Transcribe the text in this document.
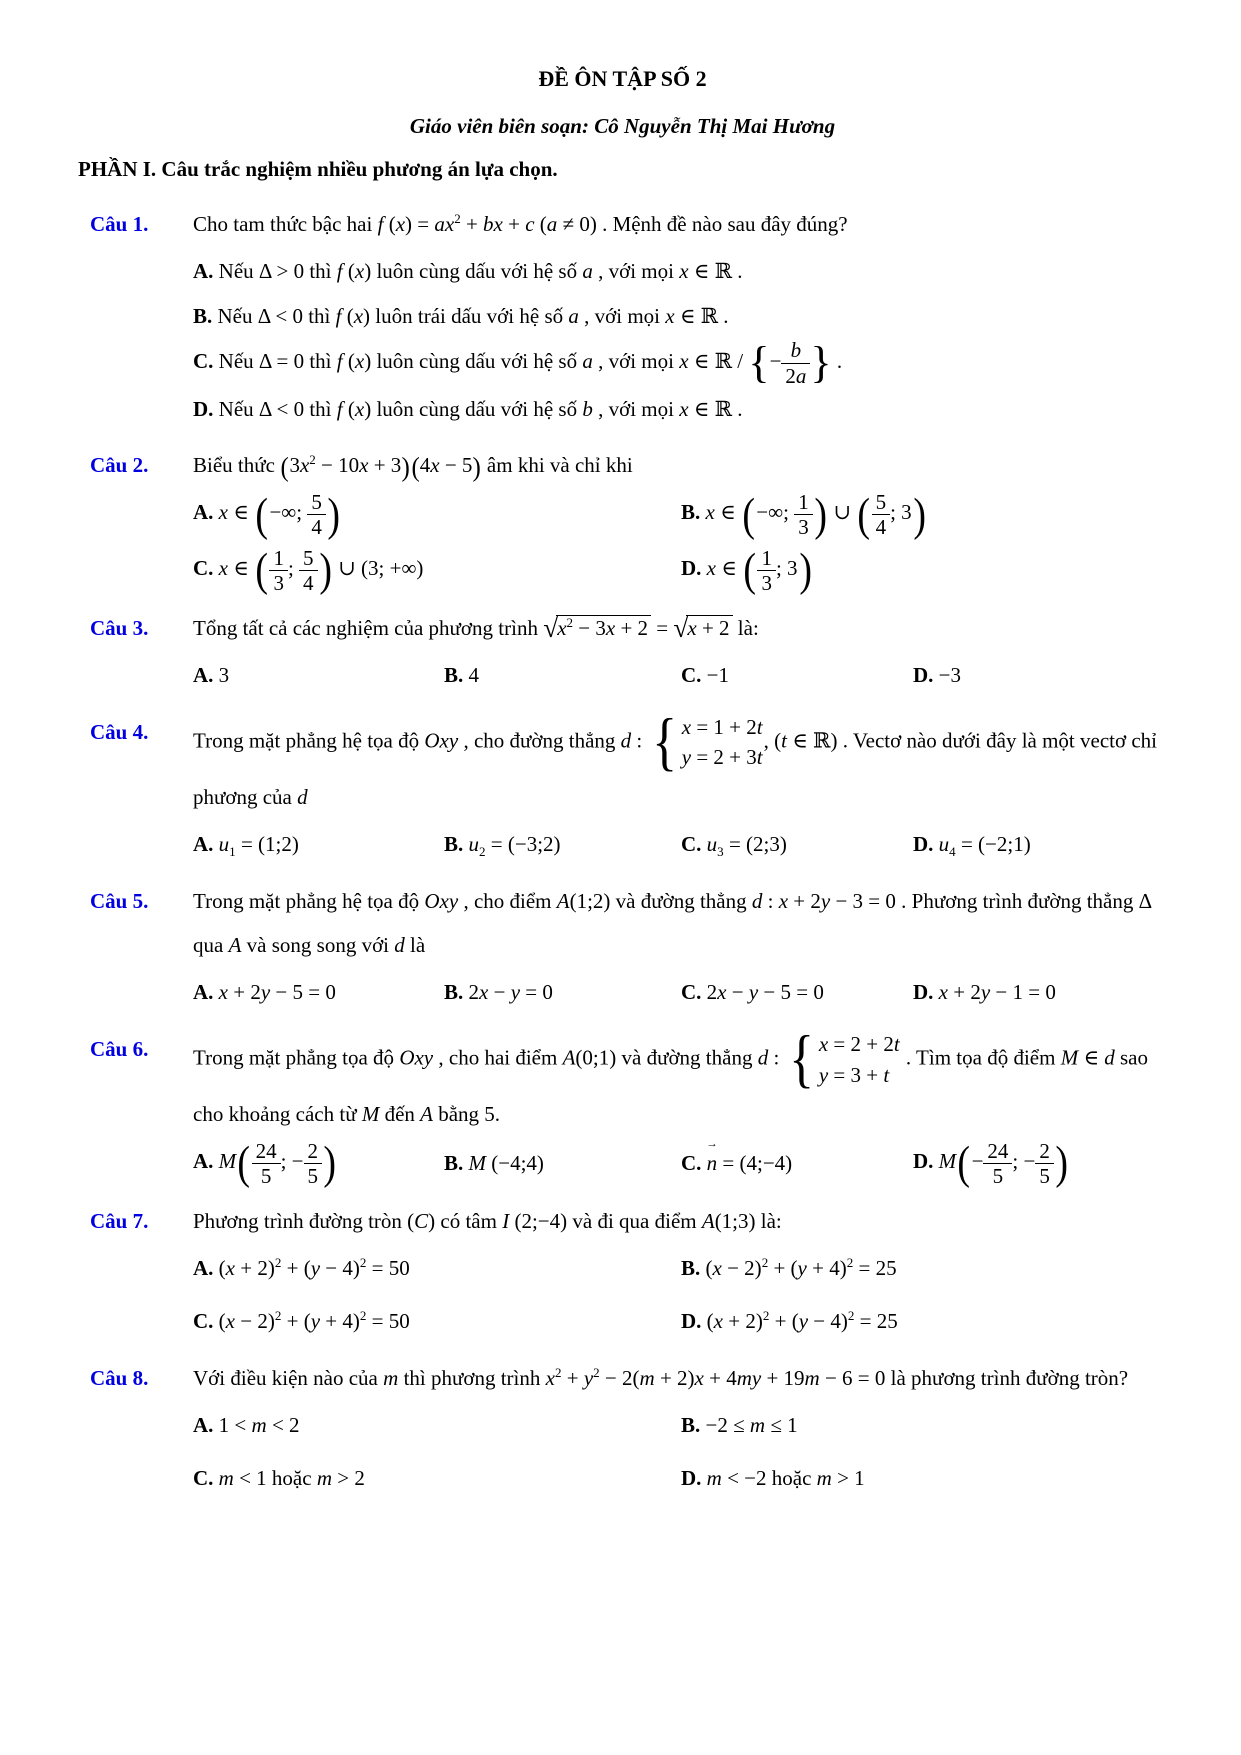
ĐỀ ÔN TẬP SỐ 2
Giáo viên biên soạn: Cô Nguyễn Thị Mai Hương
PHẦN I. Câu trắc nghiệm nhiều phương án lựa chọn.
Câu 1.	Cho tam thức bậc hai f $(x) = ax^2$ + bx + c (a ≠ 0) . Mệnh đề nào sau đây đúng?
A. Nếu Δ > 0 thì f (x) luôn cùng dấu với hệ số a , với mọi x ∈ ℝ .
B. Nếu Δ < 0 thì f (x) luôn trái dấu với hệ số a , với mọi x ∈ ℝ .
C. Nếu Δ = 0 thì f (x) luôn cùng dấu với hệ số a , với mọi x ∈ ℝ / {− $\frac{b}{2a}$ } .
D. Nếu Δ < 0 thì f (x) luôn cùng dấu với hệ số b , với mọi x ∈ ℝ .
Câu 2.	Biểu thức $(3x^2 - 10x + 3)(4x - 5)$ âm khi và chỉ khi
A. x ∈ (−∞; $\frac{5}{4}$ )	B. x ∈ (−∞; $\frac{1}{3}$ ) ∪ ( $\frac{5}{4}$ ; 3)
C. x ∈ ( $\frac{1}{3}$ ; $\frac{5}{4}$ ) ∪ (3; +∞)	D. x ∈ ( $\frac{1}{3}$ ; 3)
Câu 3.	Tổng tất cả các nghiệm của phương trình $√x^2 - 3x + 2 = √x + 2$ là:
A. 3	B. 4	C. −1	D. −3
Câu 4.	Trong mặt phẳng hệ tọa độ Oxy , cho đường thẳng d : { x = 1 + 2t
y = 2 + 3t
, (t ∈ ℝ) . Vectơ nào dưới đây là một vectơ chỉ phương của d
A. $u_1$ = (1;2)	B. $u_2$ = (−3;2)	C. $u_3$ = (2;3)	D. $u_4$ = (−2;1)
Câu 5.	Trong mặt phẳng hệ tọa độ Oxy , cho điểm A(1;2) và đường thẳng d : x + 2y − 3 = 0 . Phương trình đường thẳng Δ qua A và song song với d là
A. x + 2y − 5 = 0	B. 2x − y = 0	C. 2x − y − 5 = 0	D. x + 2y − 1 = 0
Câu 6.	Trong mặt phẳng tọa độ Oxy , cho hai điểm A(0;1) và đường thẳng d : { x = 2 + 2t
y = 3 + t
. Tìm tọa độ điểm M ∈ d sao cho khoảng cách từ M đến A bằng 5.
A. $M( \frac{24}{5}$ ; − $\frac{2}{5}$ )	B. M (−4;4)	C. → n = (4;−4)	D. $M(- \frac{24}{5}$ ; − $\frac{2}{5}$ )
Câu 7.	Phương trình đường tròn (C) có tâm I (2;−4) và đi qua điểm A(1;3) là:
A. $(x + 2)^2 + (y - 4)^2 = 50$	B. $(x - 2)^2 + (y + 4)^2 = 25$
C. $(x - 2)^2 + (y + 4)^2 = 50$	D. $(x + 2)^2 + (y - 4)^2 = 25$
Câu 8.	Với điều kiện nào của m thì phương trình $x^2 + y^2 - 2(m + 2)x + 4my + 19m - 6 = 0$ là phương trình đường tròn?
A. 1 < m < 2	B. −2 ≤ m ≤ 1
C. m < 1 hoặc m > 2	D. m < −2 hoặc m > 1
